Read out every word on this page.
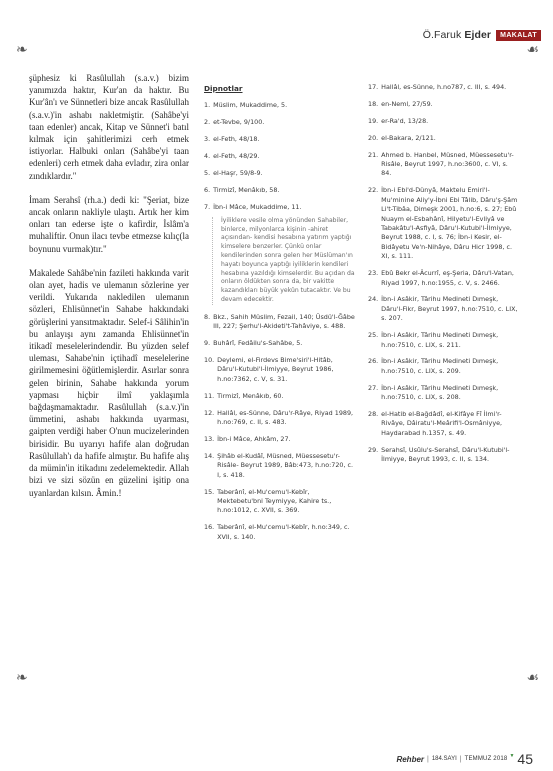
Ö.Faruk Ejder	MAKALAT
❧	☙
❧	☙

şüphesiz ki Rasûlullah (s.a.v.) bizim yanımızda haktır, Kur'an da haktır. Bu Kur'ân'ı ve Sünnetleri bize ancak Rasûlullah (s.a.v.)'in ashabı nakletmiştir. (Sahâbe'yi taan edenler) ancak, Kitap ve Sünnet'i batıl kılmak için şahitlerimizi cerh etmek istiyorlar. Halbuki onları (Sahâbe'yi taan edenleri) cerh etmek daha evladır, zira onlar zındıklardır."

İmam Serahsî (rh.a.) dedi ki: "Şeriat, bize ancak onların nakliyle ulaştı. Artık her kim onları tan ederse işte o kafirdir, İslâm'a muhaliftir. Onun ilacı tevbe etmezse kılıç(la boynunu vurmak)tır."

Makalede Sahâbe'nin fazileti hakkında varit olan ayet, hadis ve ulemanın sözlerine yer verildi. Yukarıda nakledilen ulemanın sözleri, Ehlisünnet'in Sahabe hakkındaki görüşlerini yansıtmaktadır. Selef-i Sâlihin'in bu anlayışı aynı zamanda Ehlisünnet'in itikadî meselelerindendir. Bu yüzden selef uleması, Sahabe'nin içtihadî meselelerine girilmemesini öğütlemişlerdir. Asırlar sonra gelen birinin, Sahabe hakkında yorum yapması hiçbir ilmî yaklaşımla bağdaşmamaktadır. Rasûlullah (s.a.v.)'in ümmetini, ashabı hakkında uyarması, gaipten verdiği haber O'nun mucizelerinden birisidir. Bu uyarıyı hafife alan doğrudan Rasûlullah'ı da hafife almıştır. Bu hafife alış da mümin'in itikadını zedelemektedir. Allah bizi ve sizi sözün en güzelini işitip ona uyanlardan kılsın. Âmin.!

Dipnotlar
1. Müslim, Mukaddime, 5.
2. et-Tevbe, 9/100.
3. el-Feth, 48/18.
4. el-Feth, 48/29.
5. el-Haşr, 59/8-9.
6. Tirmizî, Menâkıb, 58.
7. İbn-i Mâce, Mukaddime, 11.
İyiliklere vesile olma yönünden Sahabiler, binlerce, milyonlarca kişinin -ahiret açısından- kendisi hesabına yatırım yaptığı kimselere benzerler. Çünkü onlar kendilerinden sonra gelen her Müslüman'ın hayatı boyunca yaptığı iyiliklerin kendileri hesabına yazıldığı kimselerdir. Bu açıdan da onların öldükten sonra da, bir vakitte kazandıkları büyük yekûn tutacaktır. Ve bu devam edecektir.
8. Bkz., Sahih Müslim, Fezail, 140; Üsdü'l-Ğâbe III, 227; Şerhu'l-Akideti't-Tahâviye, s. 488.
9. Buhârî, Fedâilu's-Sahâbe, 5.
10. Deylemi, el-Firdevs Bime'siri'l-Hitâb, Dâru'l-Kutubi'l-İlmiyye, Beyrut 1986, h.no:7362, c. V, s. 31.
11. Tirmizî, Menâkıb, 60.
12. Hallâl, es-Sünne, Dâru'r-Râye, Riyad 1989, h.no:769, c. II, s. 483.
13. İbn-i Mâce, Ahkâm, 27.
14. Şihâb el-Kudâî, Müsned, Müessesetu'r-Risâle- Beyrut 1989, Bâb:473, h.no:720, c. I, s. 418.
15. Taberânî, el-Mu'cemu'l-Kebîr, Mektebetu'bni Teymiyye, Kahire ts., h.no:1012, c. XVII, s. 369.
16. Taberânî, el-Mu'cemu'l-Kebîr, h.no:349, c. XVII, s. 140.
17. Hallâl, es-Sünne, h.no787, c. III, s. 494.
18. en-Neml, 27/59.
19. er-Ra'd, 13/28.
20. el-Bakara, 2/121.
21. Ahmed b. Hanbel, Müsned, Müessesetu'r-Risâle, Beyrut 1997, h.no:3600, c. VI, s. 84.
22. İbn-i Ebi'd-Dünyâ, Maktelu Emiri'l-Mu'minine Aliy'y-İbni Ebi Tâlib, Dâru'ş-Şâm Li't-Tibâa, Dimeşk 2001, h.no:6, s. 27; Ebû Nuaym el-Esbahânî, Hilyetu'l-Evliyâ ve Tabakâtu'l-Asfiyâ, Dâru'l-Kutubi'l-İlmiyye, Beyrut 1988, c. I, s. 76; İbn-i Kesir, el-Bidâyetu Ve'n-Nihâye, Dâru Hicr 1998, c. XI, s. 111.
23. Ebû Bekr el-Âcurrî, eş-Şeria, Dâru'l-Vatan, Riyad 1997, h.no:1955, c. V, s. 2466.
24. İbn-i Asâkir, Târihu Medineti Dımeşk, Dâru'l-Fikr, Beyrut 1997, h.no:7510, c. LIX, s. 207.
25. İbn-i Asâkir, Târihu Medineti Dımeşk, h.no:7510, c. LIX, s. 211.
26. İbn-i Asâkir, Târihu Medineti Dımeşk, h.no:7510, c. LIX, s. 209.
27. İbn-i Asâkir, Târihu Medineti Dımeşk, h.no:7510, c. LIX, s. 208.
28. el-Hatib el-Bağdâdî, el-Kifâye Fî İlmi'r-Rivâye, Dâiratu'l-Meârifi'l-Osmâniyye, Haydarabad h.1357, s. 49.
29. Serahsî, Usûlu's-Serahsî, Dâru'l-Kutubi'l-İlmiyye, Beyrut 1993, c. II, s. 134.
Rehber | 184.SAYI | TEMMUZ 2018 ▼ 45
